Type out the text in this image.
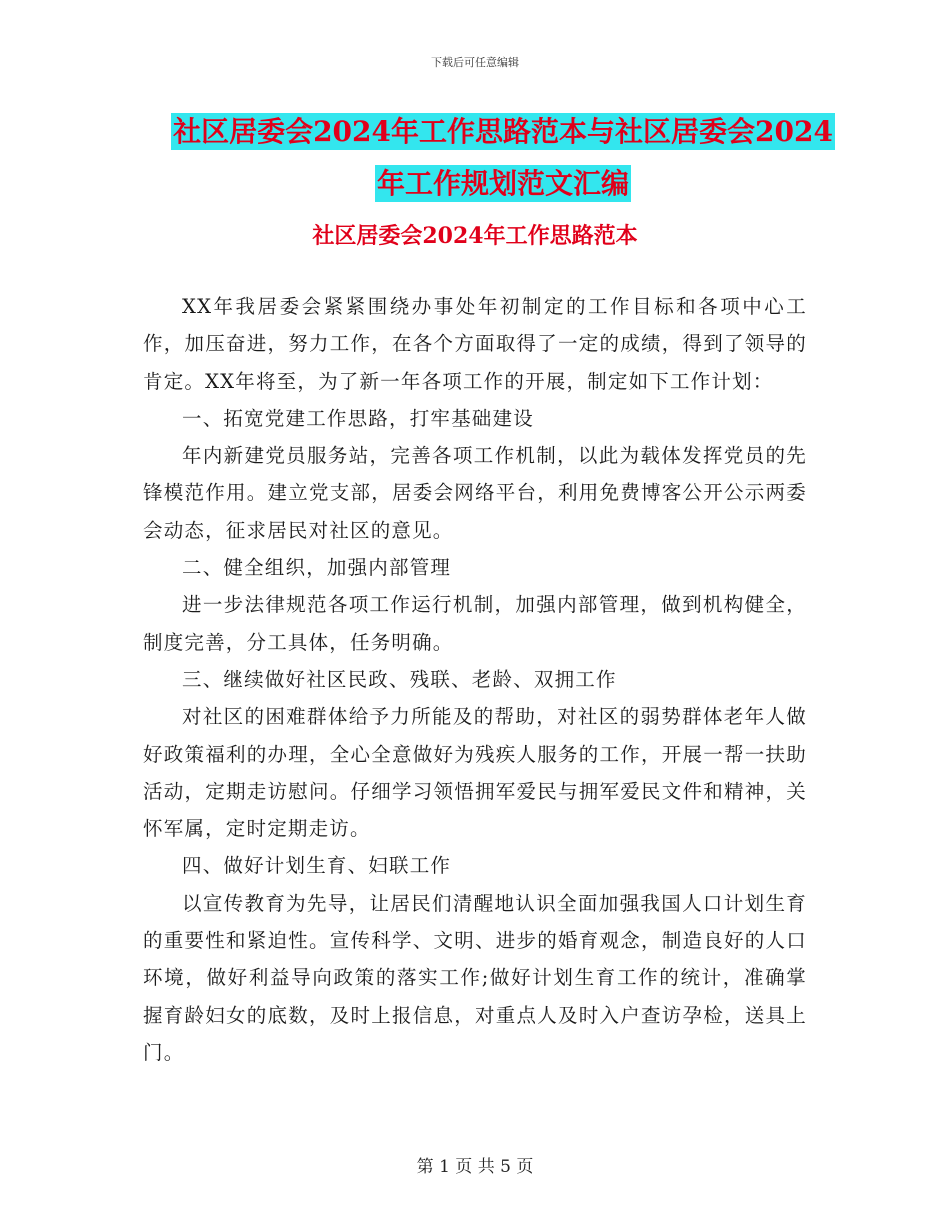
下载后可任意编辑
社区居委会2024年工作思路范本与社区居委会2024
年工作规划范文汇编
社区居委会2024年工作思路范本

XX年我居委会紧紧围绕办事处年初制定的工作目标和各项中心工作，加压奋进，努力工作，在各个方面取得了一定的成绩，得到了领导的肯定。XX年将至，为了新一年各项工作的开展，制定如下工作计划：

一、拓宽党建工作思路，打牢基础建设

年内新建党员服务站，完善各项工作机制，以此为载体发挥党员的先锋模范作用。建立党支部，居委会网络平台，利用免费博客公开公示两委会动态，征求居民对社区的意见。

二、健全组织，加强内部管理

进一步法律规范各项工作运行机制，加强内部管理，做到机构健全，制度完善，分工具体，任务明确。

三、继续做好社区民政、残联、老龄、双拥工作

对社区的困难群体给予力所能及的帮助，对社区的弱势群体老年人做好政策福利的办理，全心全意做好为残疾人服务的工作，开展一帮一扶助活动，定期走访慰问。仔细学习领悟拥军爱民与拥军爱民文件和精神，关怀军属，定时定期走访。

四、做好计划生育、妇联工作

以宣传教育为先导，让居民们清醒地认识全面加强我国人口计划生育的重要性和紧迫性。宣传科学、文明、进步的婚育观念，制造良好的人口环境，做好利益导向政策的落实工作;做好计划生育工作的统计，准确掌握育龄妇女的底数，及时上报信息，对重点人及时入户查访孕检，送具上门。

第 1 页 共 5 页
